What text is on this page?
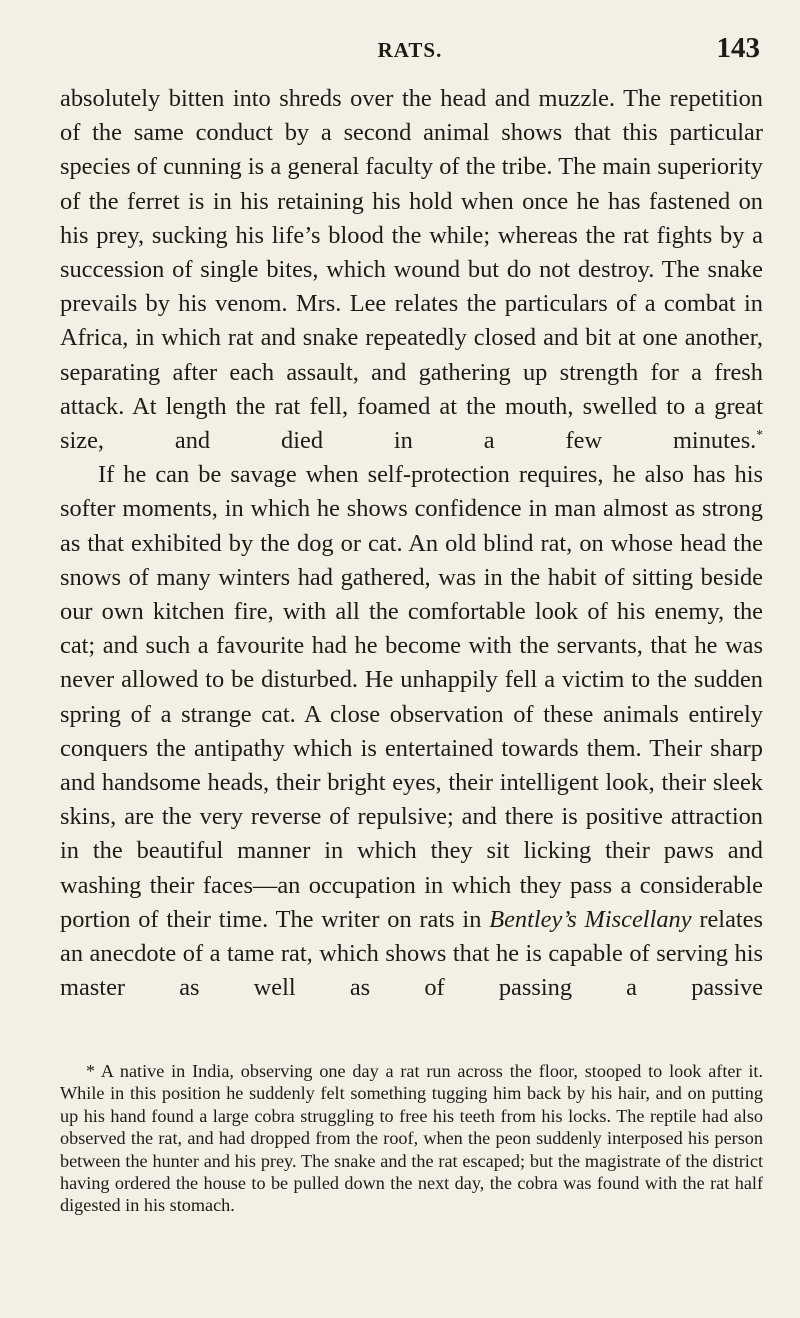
RATS.	143

absolutely bitten into shreds over the head and muzzle. The repetition of the same conduct by a second animal shows that this particular species of cunning is a general faculty of the tribe. The main superiority of the ferret is in his retaining his hold when once he has fastened on his prey, sucking his life’s blood the while; whereas the rat fights by a succession of single bites, which wound but do not destroy. The snake prevails by his venom. Mrs. Lee relates the particulars of a combat in Africa, in which rat and snake repeatedly closed and bit at one another, separating after each assault, and gathering up strength for a fresh attack. At length the rat fell, foamed at the mouth, swelled to a great size, and died in a few minutes.*

If he can be savage when self-protection requires, he also has his softer moments, in which he shows confidence in man almost as strong as that exhibited by the dog or cat. An old blind rat, on whose head the snows of many winters had gathered, was in the habit of sitting beside our own kitchen fire, with all the comfortable look of his enemy, the cat; and such a favourite had he become with the servants, that he was never allowed to be disturbed. He unhappily fell a victim to the sudden spring of a strange cat. A close observation of these animals entirely conquers the antipathy which is entertained towards them. Their sharp and handsome heads, their bright eyes, their intelligent look, their sleek skins, are the very reverse of repulsive; and there is positive attraction in the beautiful manner in which they sit licking their paws and washing their faces—an occupation in which they pass a considerable portion of their time. The writer on rats in Bentley’s Miscellany relates an anecdote of a tame rat, which shows that he is capable of serving his master as well as of passing a passive

* A native in India, observing one day a rat run across the floor, stooped to look after it. While in this position he suddenly felt something tugging him back by his hair, and on putting up his hand found a large cobra struggling to free his teeth from his locks. The reptile had also observed the rat, and had dropped from the roof, when the peon suddenly interposed his person between the hunter and his prey. The snake and the rat escaped; but the magistrate of the district having ordered the house to be pulled down the next day, the cobra was found with the rat half digested in his stomach.
